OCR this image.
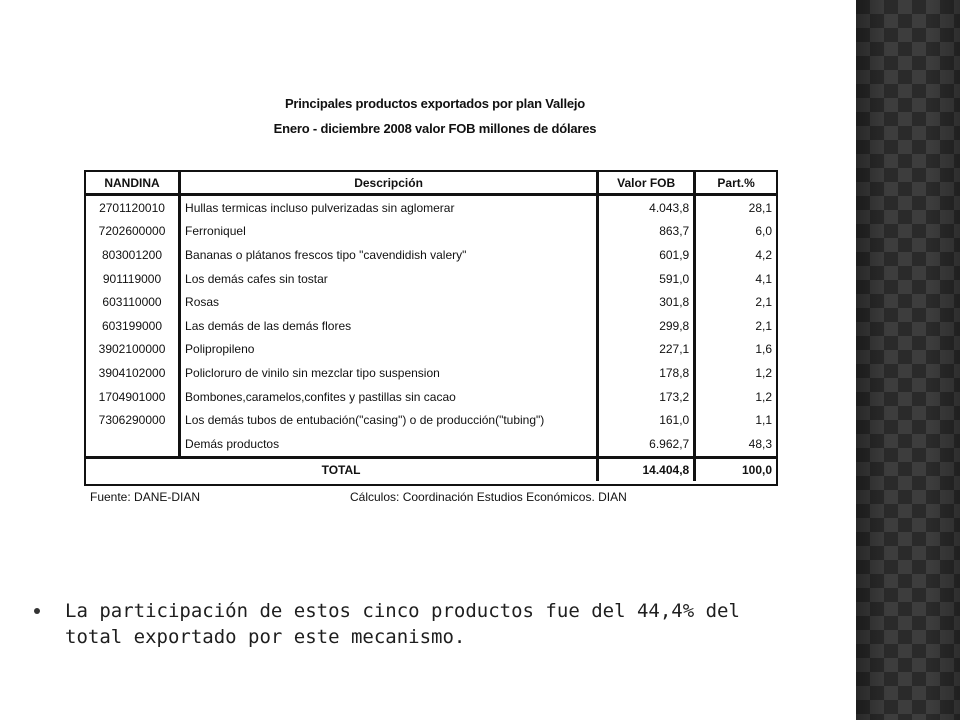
Principales productos exportados por plan Vallejo
Enero - diciembre 2008 valor FOB millones de dólares
NANDINA	Descripción	Valor FOB	Part.%
2701120010	Hullas termicas incluso pulverizadas sin aglomerar	4.043,8	28,1
7202600000	Ferroniquel	863,7	6,0
803001200	Bananas o plátanos frescos tipo "cavendidish valery"	601,9	4,2
901119000	Los demás cafes sin tostar	591,0	4,1
603110000	Rosas	301,8	2,1
603199000	Las demás de las demás flores	299,8	2,1
3902100000	Polipropileno	227,1	1,6
3904102000	Policloruro de vinilo sin mezclar tipo suspension	178,8	1,2
1704901000	Bombones,caramelos,confites y pastillas sin cacao	173,2	1,2
7306290000	Los demás tubos de entubación("casing") o de producción("tubing")	161,0	1,1
	Demás productos	6.962,7	48,3
TOTAL		14.404,8	100,0
Fuente: DANE-DIAN	Cálculos: Coordinación Estudios Económicos. DIAN
La participación de estos cinco productos fue del 44,4% del total exportado por este mecanismo.
